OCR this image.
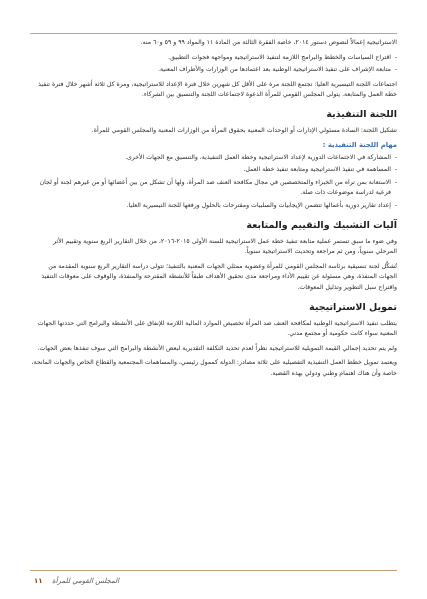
الاستراتيجية إعمالاً لنصوص دستور ٢٠١٤، خاصة الفقرة الثالثة من المادة ١١ والمواد ٩٩ و ٥٩ و٦٠ منه.
- اقتراح السياسات والخطط والبرامج اللازمة لتنفيذ الاستراتيجية ومواجهة فجوات التطبيق.
- متابعة الإشراف على تنفيذ الاستراتيجية الوطنية بعد اعتمادها من الوزارات والأطراف المعنية.
اجتماعات اللجنة التيسيرية العليا: تجتمع اللجنة مرة على الأقل كل شهرين خلال فترة الإعداد للاستراتيجية، ومرة كل ثلاثة أشهر خلال فترة تنفيذ خطة العمل والمتابعة. يتولى المجلس القومي للمرأة الدعوة لاجتماعات اللجنة والتنسيق بين الشركاء.
اللجنة التنفيذية
تشكيل اللجنة: السادة مسئولي الإدارات أو الوحدات المعنية بحقوق المرأة من الوزارات المعنية والمجلس القومي للمرأة.
مهام اللجنة التنفيذية :
- المشاركة في الاجتماعات الدورية لإعداد الاستراتيجية وخطة العمل التنفيذية، والتنسيق مع الجهات الأخرى.
- المساهمة في تنفيذ الاستراتيجية ومتابعة تنفيذ خطة العمل.
- الاستعانة بمن تراه من الخبراء والمتخصصين في مجال مكافحة العنف ضد المرأة، ولها أن تشكل من بين أعضائها أو من غيرهم لجنة أو لجان فرعية لدراسة موضوعات ذات صلة.
- إعداد تقارير دورية بأعمالها تتضمن الإيجابيات والسلبيات ومقترحات بالحلول ورفعها للجنة التيسيرية العليا.
آليات التشبيك والتقييم والمتابعة
وفي ضوء ما سبق تستمر عملية متابعة تنفيذ خطة عمل الاستراتيجية للسنة الأولى ٢٠١٥-٢٠١٦، من خلال التقارير الربع سنوية وتقييم الأثر المرحلي سنوياً، ومن ثم مراجعة وتحديث الاستراتيجية سنوياً.
تُشكَّل لجنة تنسيقية برئاسة المجلس القومي للمرأة وعضوية ممثلي الجهات المعنية بالتنفيذ؛ تتولى دراسة التقارير الربع سنوية المقدمة من الجهات المنفذة، وهي مسئولة عن تقييم الأداء ومراجعة مدى تحقيق الأهداف طبقاً للأنشطة المقترحة والمنفذة، والوقوف على معوقات التنفيذ واقتراح سبل التطوير وتذليل المعوقات.
تمويل الاستراتيجية
يتطلب تنفيذ الاستراتيجية الوطنية لمكافحة العنف ضد المرأة تخصيص الموارد المالية اللازمة للإنفاق على الأنشطة والبرامج التي حددتها الجهات المعنية سواء كانت حكومية أو مجتمع مدني.
ولم يتم تحديد إجمالي القيمة التمويلية للاستراتيجية نظراً لعدم تحديد التكلفة التقديرية لبعض الأنشطة والبرامج التي سوف تنفذها بعض الجهات.
ويعتمد تمويل خطط العمل التنفيذية التفصيلية على ثلاثة مصادر: الدولة كممول رئيسي، والمساهمات المجتمعية والقطاع الخاص والجهات المانحة، خاصة وأن هناك اهتمام وطني ودولي بهذه القضية.
١١ المجلس القومي للمرأة
